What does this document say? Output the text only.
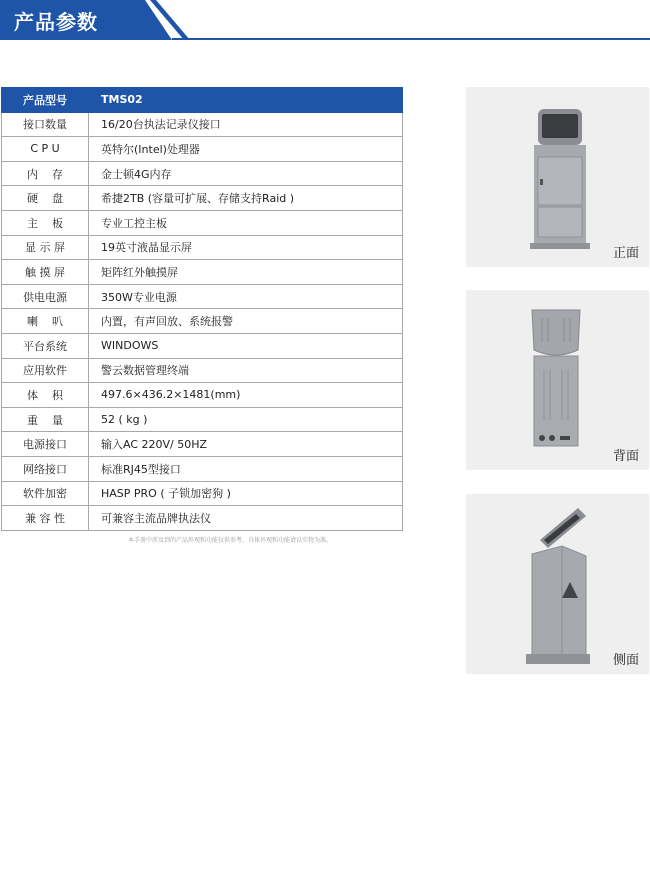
产品参数
产品型号	TMS02
接口数量	16/20台执法记录仪接口
C P U	英特尔(Intel)处理器
内    存	金士顿4G内存
硬    盘	希捷2TB (容量可扩展、存储支持Raid )
主    板	专业工控主板
显 示 屏	19英寸液晶显示屏
触 摸 屏	矩阵红外触摸屏
供电电源	350W专业电源
喇    叭	内置，有声回放、系统报警
平台系统	WINDOWS
应用软件	警云数据管理终端
体    积	497.6×436.2×1481(mm)
重    量	52 ( kg )
电源接口	输入AC 220V/ 50HZ
网络接口	标准RJ45型接口
软件加密	HASP PRO ( 子锁加密狗 )
兼 容 性	可兼容主流品牌执法仪
本手册中涉及到的产品外观和功能仅供参考，具体外观和功能请以实物为准。
正面
背面
侧面
